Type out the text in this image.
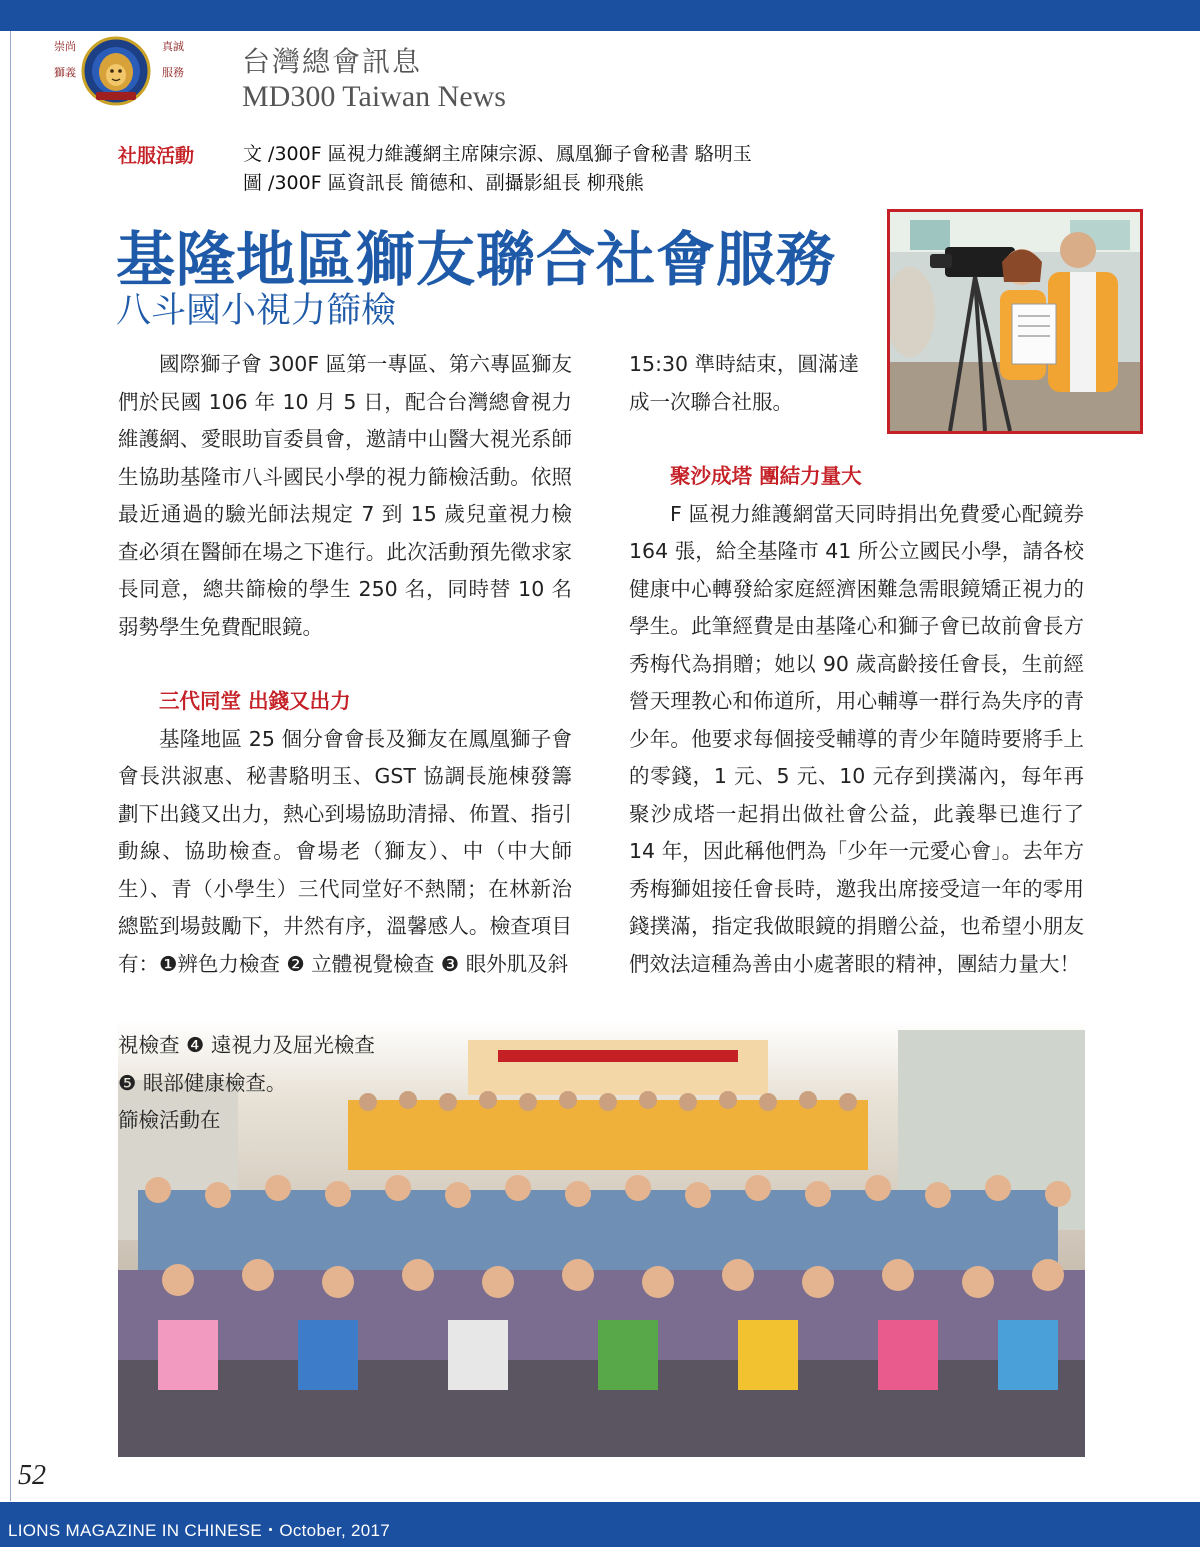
崇尚獅義
真誠服務 台灣總會訊息
MD300 Taiwan News
社服活動	文 /300F 區視力維護網主席陳宗源、鳳凰獅子會秘書 駱明玉
圖 /300F 區資訊長 簡德和、副攝影組長 柳飛熊
基隆地區獅友聯合社會服務
八斗國小視力篩檢

國際獅子會 300F 區第一專區、第六專區獅友們於民國 106 年 10 月 5 日，配合台灣總會視力維護網、愛眼助盲委員會，邀請中山醫大視光系師生協助基隆市八斗國民小學的視力篩檢活動。依照最近通過的驗光師法規定 7 到 15 歲兒童視力檢查必須在醫師在場之下進行。此次活動預先徵求家長同意，總共篩檢的學生 250 名，同時替 10 名弱勢學生免費配眼鏡。

三代同堂 出錢又出力

基隆地區 25 個分會會長及獅友在鳳凰獅子會會長洪淑惠、秘書駱明玉、GST 協調長施棟發籌劃下出錢又出力，熱心到場協助清掃、佈置、指引動線、協助檢查。會場老（獅友）、中（中大師生）、青（小學生）三代同堂好不熱鬧；在林新治總監到場鼓勵下，井然有序，溫馨感人。檢查項目有：❶辨色力檢查 ❷ 立體視覺檢查 ❸ 眼外肌及斜

15:30 準時結束，圓滿達成一次聯合社服。

聚沙成塔 團結力量大

F 區視力維護網當天同時捐出免費愛心配鏡券 164 張，給全基隆市 41 所公立國民小學，請各校健康中心轉發給家庭經濟困難急需眼鏡矯正視力的學生。此筆經費是由基隆心和獅子會已故前會長方秀梅代為捐贈；她以 90 歲高齡接任會長，生前經營天理教心和佈道所，用心輔導一群行為失序的青少年。他要求每個接受輔導的青少年隨時要將手上的零錢，1 元、5 元、10 元存到撲滿內，每年再聚沙成塔一起捐出做社會公益，此義舉已進行了 14 年，因此稱他們為「少年一元愛心會」。去年方秀梅獅姐接任會長時，邀我出席接受這一年的零用錢撲滿，指定我做眼鏡的捐贈公益，也希望小朋友們效法這種為善由小處著眼的精神，團結力量大！

視檢查 ❹ 遠視力及屈光檢查
❺ 眼部健康檢查。
篩檢活動在
52
LIONS MAGAZINE IN CHINESE・October, 2017
